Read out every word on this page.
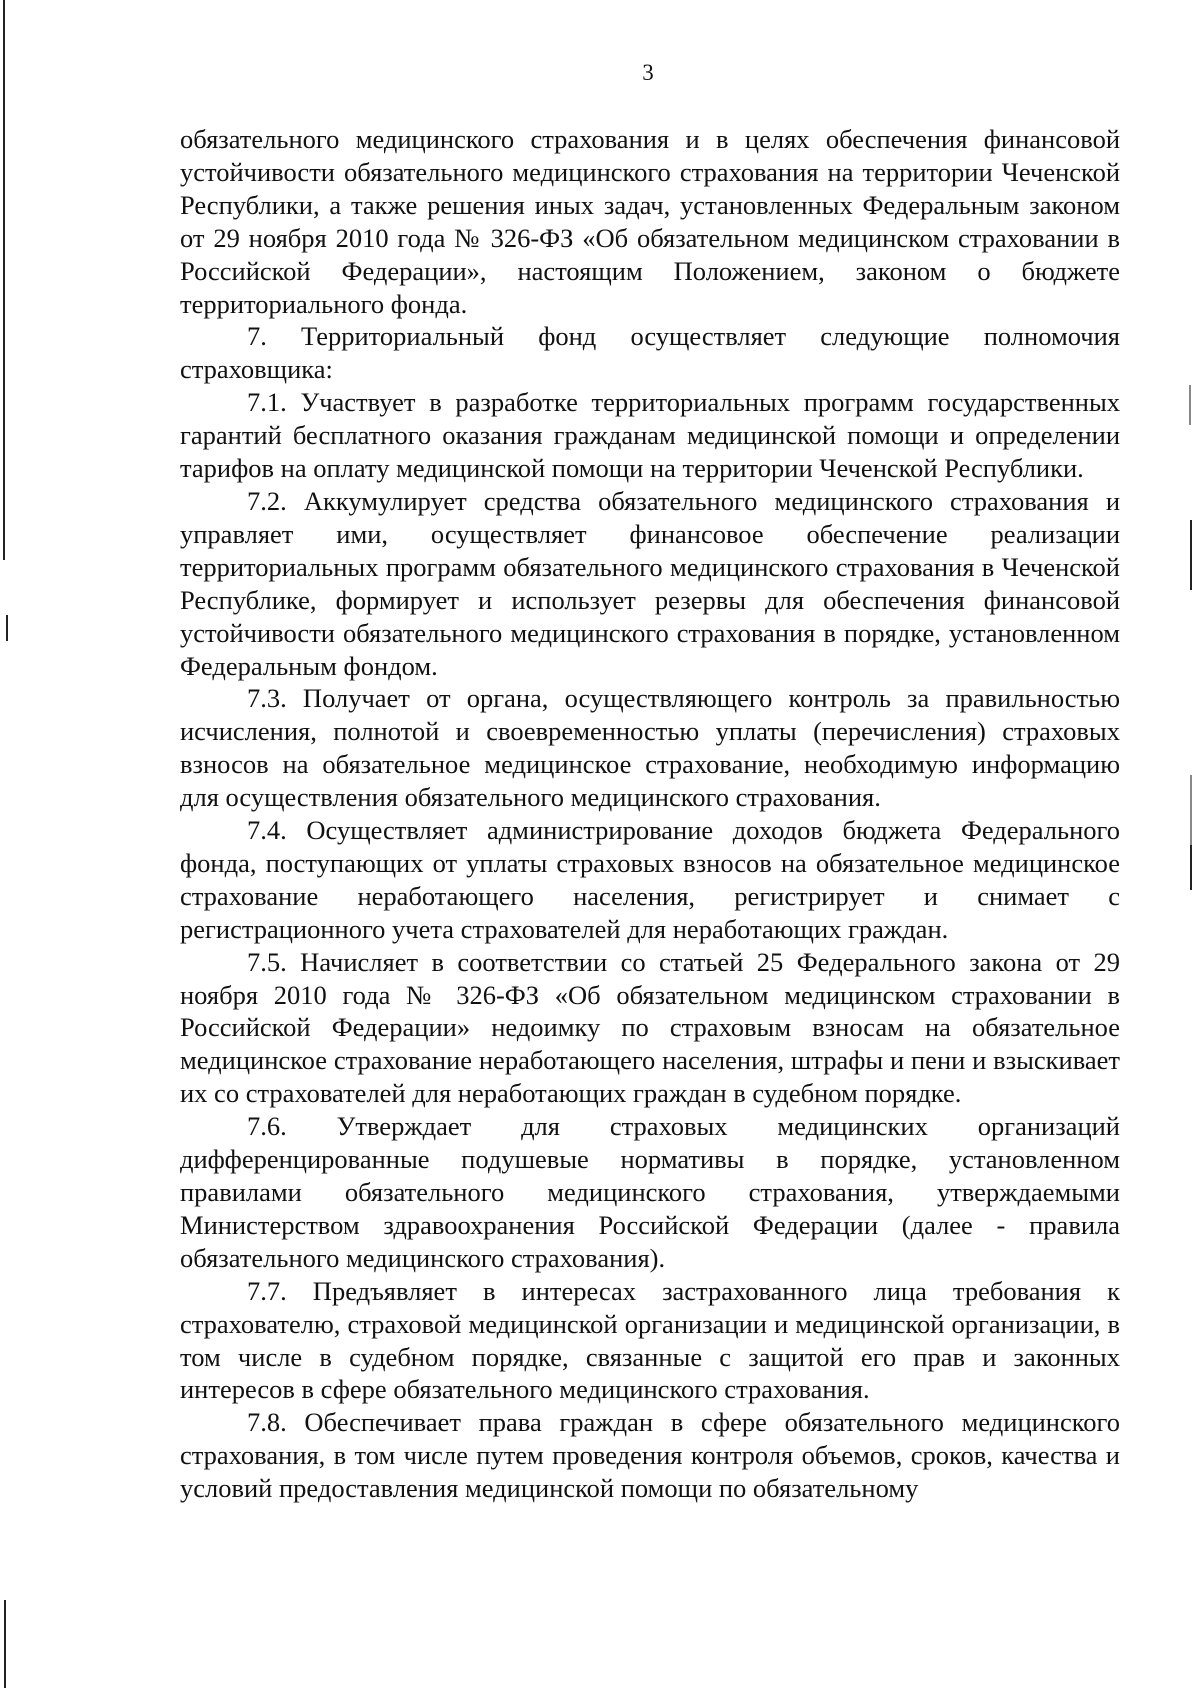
3

обязательного медицинского страхования и в целях обеспечения финансовой устойчивости обязательного медицинского страхования на территории Чеченской Республики, а также решения иных задач, установленных Федеральным законом от 29 ноября 2010 года № 326-ФЗ «Об обязательном медицинском страховании в Российской Федерации», настоящим Положением, законом о бюджете территориального фонда.

7. Территориальный фонд осуществляет следующие полномочия страховщика:

7.1. Участвует в разработке территориальных программ государственных гарантий бесплатного оказания гражданам медицинской помощи и определении тарифов на оплату медицинской помощи на территории Чеченской Республики.

7.2. Аккумулирует средства обязательного медицинского страхования и управляет ими, осуществляет финансовое обеспечение реализации территориальных программ обязательного медицинского страхования в Чеченской Республике, формирует и использует резервы для обеспечения финансовой устойчивости обязательного медицинского страхования в порядке, установленном Федеральным фондом.

7.3. Получает от органа, осуществляющего контроль за правильностью исчисления, полнотой и своевременностью уплаты (перечисления) страховых взносов на обязательное медицинское страхование, необходимую информацию для осуществления обязательного медицинского страхования.

7.4. Осуществляет администрирование доходов бюджета Федерального фонда, поступающих от уплаты страховых взносов на обязательное медицинское страхование неработающего населения, регистрирует и снимает с регистрационного учета страхователей для неработающих граждан.

7.5. Начисляет в соответствии со статьей 25 Федерального закона от 29 ноября 2010 года № 326-ФЗ «Об обязательном медицинском страховании в Российской Федерации» недоимку по страховым взносам на обязательное медицинское страхование неработающего населения, штрафы и пени и взыскивает их со страхователей для неработающих граждан в судебном порядке.

7.6. Утверждает для страховых медицинских организаций дифференцированные подушевые нормативы в порядке, установленном правилами обязательного медицинского страхования, утверждаемыми Министерством здравоохранения Российской Федерации (далее - правила обязательного медицинского страхования).

7.7. Предъявляет в интересах застрахованного лица требования к страхователю, страховой медицинской организации и медицинской организации, в том числе в судебном порядке, связанные с защитой его прав и законных интересов в сфере обязательного медицинского страхования.

7.8. Обеспечивает права граждан в сфере обязательного медицинского страхования, в том числе путем проведения контроля объемов, сроков, качества и условий предоставления медицинской помощи по обязательному
